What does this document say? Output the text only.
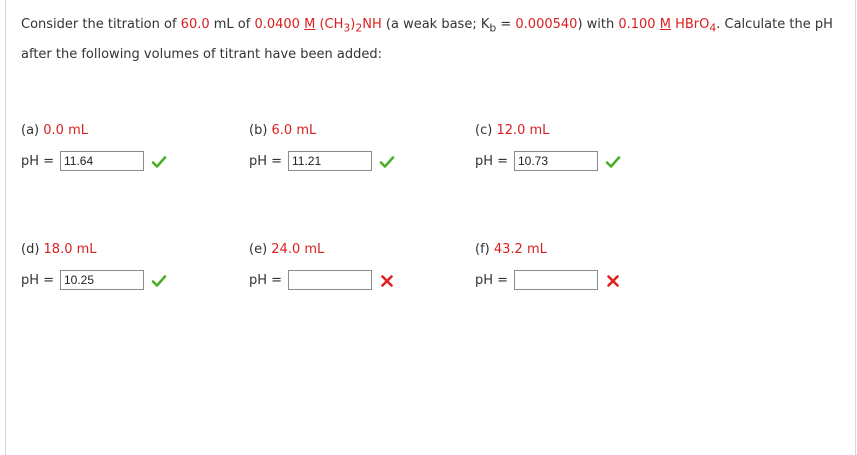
Consider the titration of 60.0 mL of 0.0400 M $(CH_3)_2NH$ (a weak base; $K_b = 0.000540$) with 0.100 M HBrO$_4$. Calculate the pH after the following volumes of titrant have been added:
(a) 0.0 mL
pH = 11.64
(b) 6.0 mL
pH = 11.21
(c) 12.0 mL
pH = 10.73
(d) 18.0 mL
pH = 10.25
(e) 24.0 mL
pH =
(f) 43.2 mL
pH =
